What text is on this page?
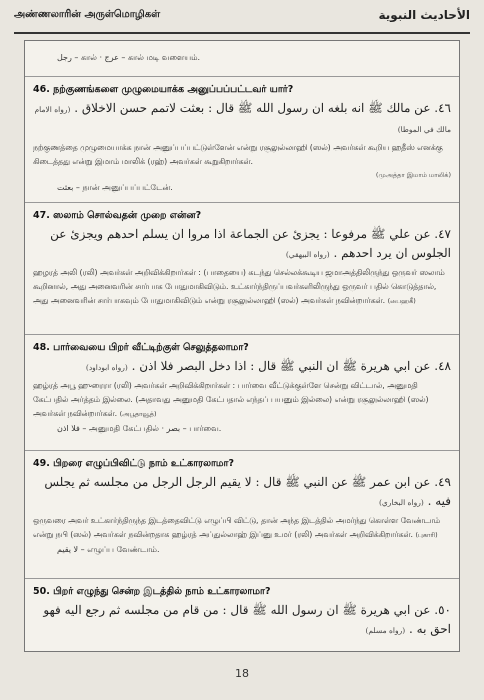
அண்ணலாரின் அருள்மொழிகள்	الأحاديث النبوية
رجل – கால் · عرج – கால் மடி வளையம்.
46. நற்குணங்களை முழுமையாக்க அனுப்பப்பட்டவர் யார்?
٤٦. عن مالك ﷺ انه بلغه ان رسول الله ﷺ قال : بعثت لاتمم حسن الاخلاق . (رواه الامام مالك في الموطا)
நற்குணத்தை முழுமையாக்க நான் அனுப்பப்பட்டுள்ளேன் என்று ரசூலுல்லாஹி (ஸல்) அவர்கள் கூறிய ஹதீஸ் எனக்கு கிடைத்தது என்று இமாம் மாலிக் (ரஹ்) அவர்கள் கூறுகிறார்கள்.
(முஅத்தா இமாம் மாலிக்)
بعثت – நான் அனுப்பப்பட்டேன்.
47. ஸலாம் சொல்வதன் முறை என்ன?
٤٧. عن علي ﷺ مرفوعا : يجزئ عن الجماعة اذا مروا ان يسلم احدهم ويجزئ عن الجلوس ان يرد احدهم . (رواه البيهقي)
ஹழரத் அலி (ரலி) அவர்கள் அறிவிக்கிறார்கள் : (பாதையை) கடந்து செல்லக்கூடிய ஜமாஅத்திலிருந்து ஒருவர் ஸலாம் கூறினால், அது அனைவரின் சார்பாக போதுமாகிவிடும். உட்கார்ந்திருப்பவர்களிலிருந்து ஒருவர் பதில் கொடுத்தால், அது அனைவரின் சார்பாகவும் போதுமாகிவிடும் என்று ரசூலுல்லாஹி (ஸல்) அவர்கள் நவின்றார்கள். (பைஹகீ)
48. பார்வையை பிறர் வீட்டிற்குள் செலுத்தலாமா?
٤٨. عن ابي هريرة ﷺ ان النبي ﷺ قال : اذا دخل البصر فلا اذن . (رواه ابوداود)
ஹழ்ரத் அபூ ஹுரைரா (ரலி) அவர்கள் அறிவிக்கிறார்கள் : பார்வை வீட்டுக்குள்ளே சென்று விட்டால், அனுமதி கேட்பதில் அர்த்தம் இல்லை. (அதாவது அனுமதி கேட்பதால் எந்தப் பயனும் இல்லை) என்று ரசூலுல்லாஹி (ஸல்) அவர்கள் நவின்றார்கள். (அபூதாவூத்)
فلا اذن – அனுமதி கேட்பதில் · بصر – பார்வை.
49. பிறரை எழுப்பிவிட்டு நாம் உட்காரலாமா?
٤٩. عن ابن عمر ﷺ عن النبي ﷺ قال : لا يقيم الرجل الرجل من مجلسه ثم يجلس فيه . (رواه البخاري)
ஒருவரை அவர் உட்கார்ந்திருந்த இடத்தைவிட்டு எழுப்பி விட்டு, தான் அந்த இடத்தில் அமர்ந்து கொள்ள வேண்டாம் என்று நபி (ஸல்) அவர்கள் நவின்றதாக ஹழ்ரத் அப்துல்லாஹ் இப்னு உமர் (ரலி) அவர்கள் அறிவிக்கிறார்கள். (புகாரி)
لا يقيم – எழுப்ப வேண்டாம்.
50. பிறர் எழுந்து சென்ற இடத்தில் நாம் உட்காரலாமா?
٥٠. عن ابي هريرة ﷺ ان رسول الله ﷺ قال : من قام من مجلسه ثم رجع اليه فهو احق به . (رواه مسلم)
18
